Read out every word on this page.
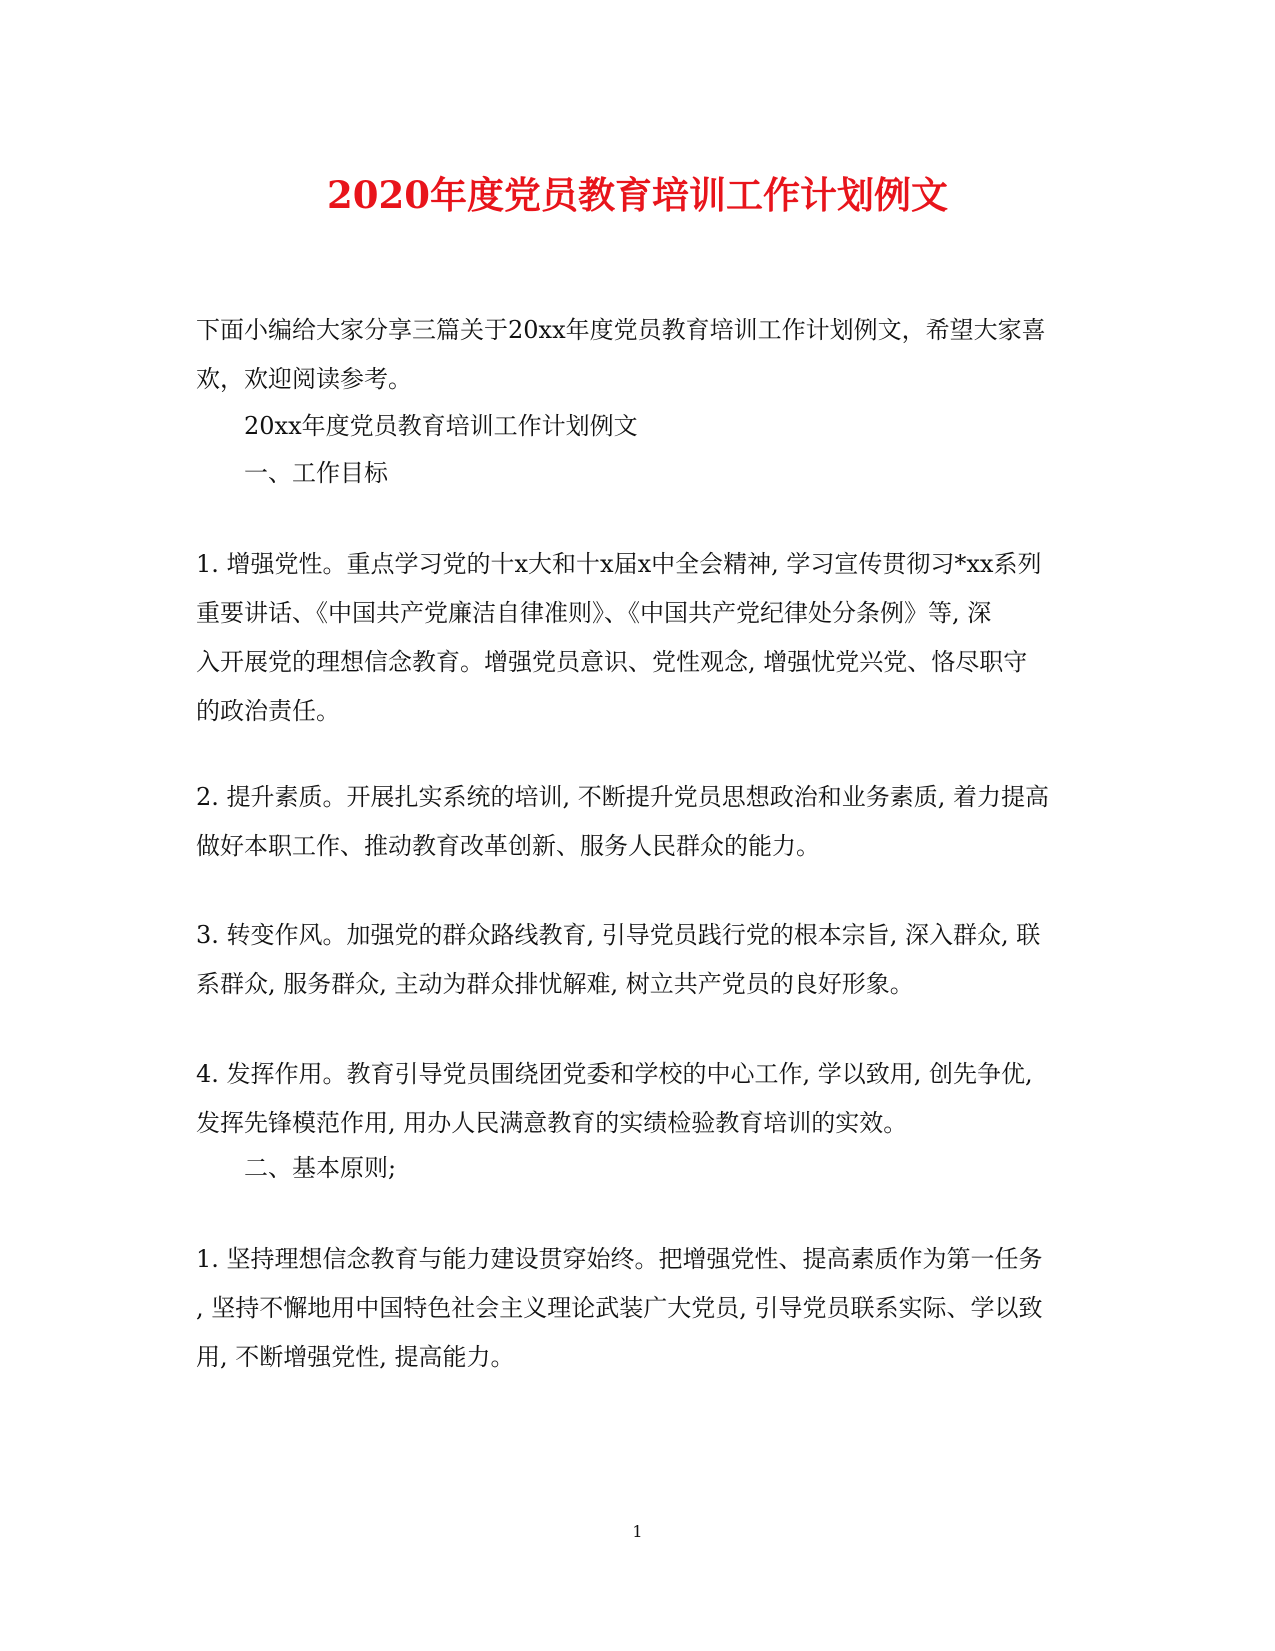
2020年度党员教育培训工作计划例文
下面小编给大家分享三篇关于20xx年度党员教育培训工作计划例文，希望大家喜
欢，欢迎阅读参考。
20xx年度党员教育培训工作计划例文
一、工作目标
1. 增强党性。重点学习党的十x大和十x届x中全会精神, 学习宣传贯彻习*xx系列
重要讲话、《中国共产党廉洁自律准则》、《中国共产党纪律处分条例》等, 深
入开展党的理想信念教育。增强党员意识、党性观念, 增强忧党兴党、恪尽职守
的政治责任。
2. 提升素质。开展扎实系统的培训, 不断提升党员思想政治和业务素质, 着力提高
做好本职工作、推动教育改革创新、服务人民群众的能力。
3. 转变作风。加强党的群众路线教育, 引导党员践行党的根本宗旨, 深入群众, 联
系群众, 服务群众, 主动为群众排忧解难, 树立共产党员的良好形象。
4. 发挥作用。教育引导党员围绕团党委和学校的中心工作, 学以致用, 创先争优,
发挥先锋模范作用, 用办人民满意教育的实绩检验教育培训的实效。
二、基本原则;
1. 坚持理想信念教育与能力建设贯穿始终。把增强党性、提高素质作为第一任务
, 坚持不懈地用中国特色社会主义理论武装广大党员, 引导党员联系实际、学以致
用, 不断增强党性, 提高能力。
1
